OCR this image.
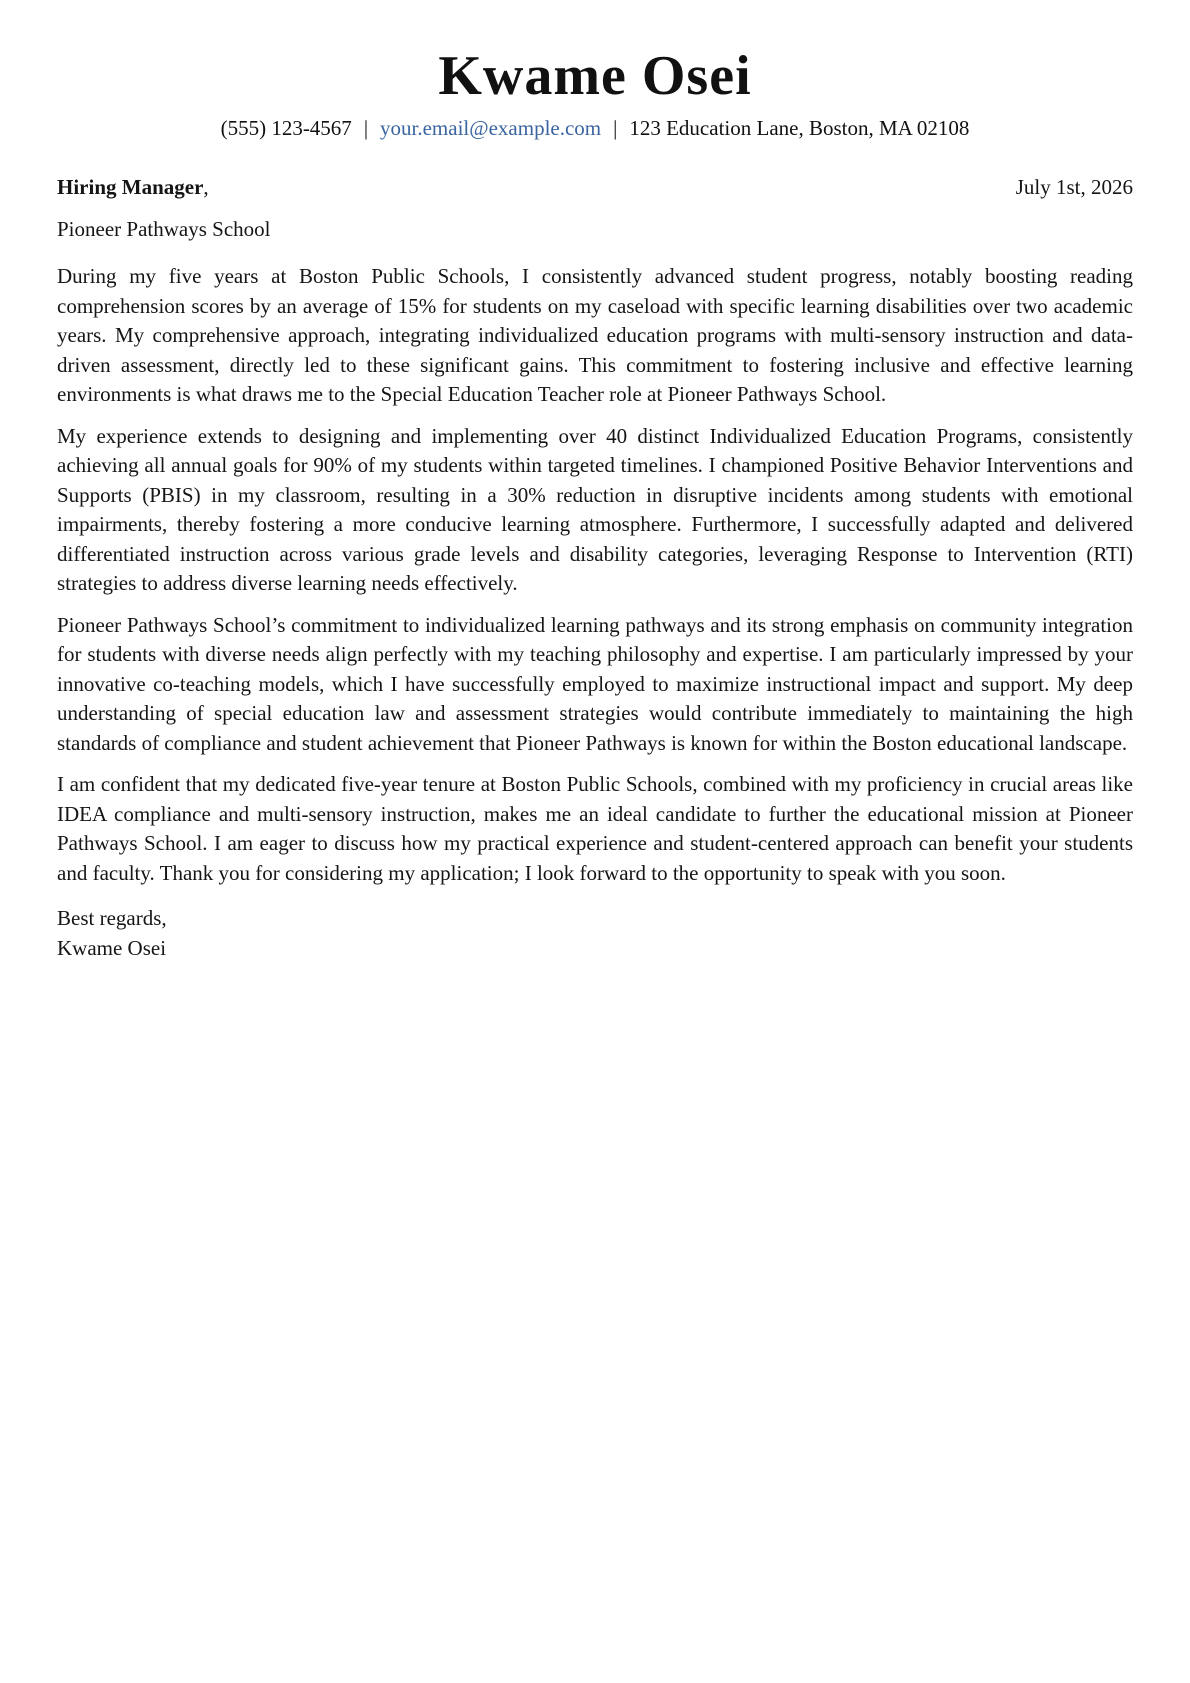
Kwame Osei
(555) 123-4567 | your.email@example.com | 123 Education Lane, Boston, MA 02108
Hiring Manager,	July 1st, 2026
Pioneer Pathways School

During my five years at Boston Public Schools, I consistently advanced student progress, notably boosting reading comprehension scores by an average of 15% for students on my caseload with specific learning disabilities over two academic years. My comprehensive approach, integrating individualized education programs with multi-sensory instruction and data-driven assessment, directly led to these significant gains. This commitment to fostering inclusive and effective learning environments is what draws me to the Special Education Teacher role at Pioneer Pathways School.

My experience extends to designing and implementing over 40 distinct Individualized Education Programs, consistently achieving all annual goals for 90% of my students within targeted timelines. I championed Positive Behavior Interventions and Supports (PBIS) in my classroom, resulting in a 30% reduction in disruptive incidents among students with emotional impairments, thereby fostering a more conducive learning atmosphere. Furthermore, I successfully adapted and delivered differentiated instruction across various grade levels and disability categories, leveraging Response to Intervention (RTI) strategies to address diverse learning needs effectively.

Pioneer Pathways School’s commitment to individualized learning pathways and its strong emphasis on community integration for students with diverse needs align perfectly with my teaching philosophy and expertise. I am particularly impressed by your innovative co-teaching models, which I have successfully employed to maximize instructional impact and support. My deep understanding of special education law and assessment strategies would contribute immediately to maintaining the high standards of compliance and student achievement that Pioneer Pathways is known for within the Boston educational landscape.

I am confident that my dedicated five-year tenure at Boston Public Schools, combined with my proficiency in crucial areas like IDEA compliance and multi-sensory instruction, makes me an ideal candidate to further the educational mission at Pioneer Pathways School. I am eager to discuss how my practical experience and student-centered approach can benefit your students and faculty. Thank you for considering my application; I look forward to the opportunity to speak with you soon.

Best regards,
Kwame Osei
